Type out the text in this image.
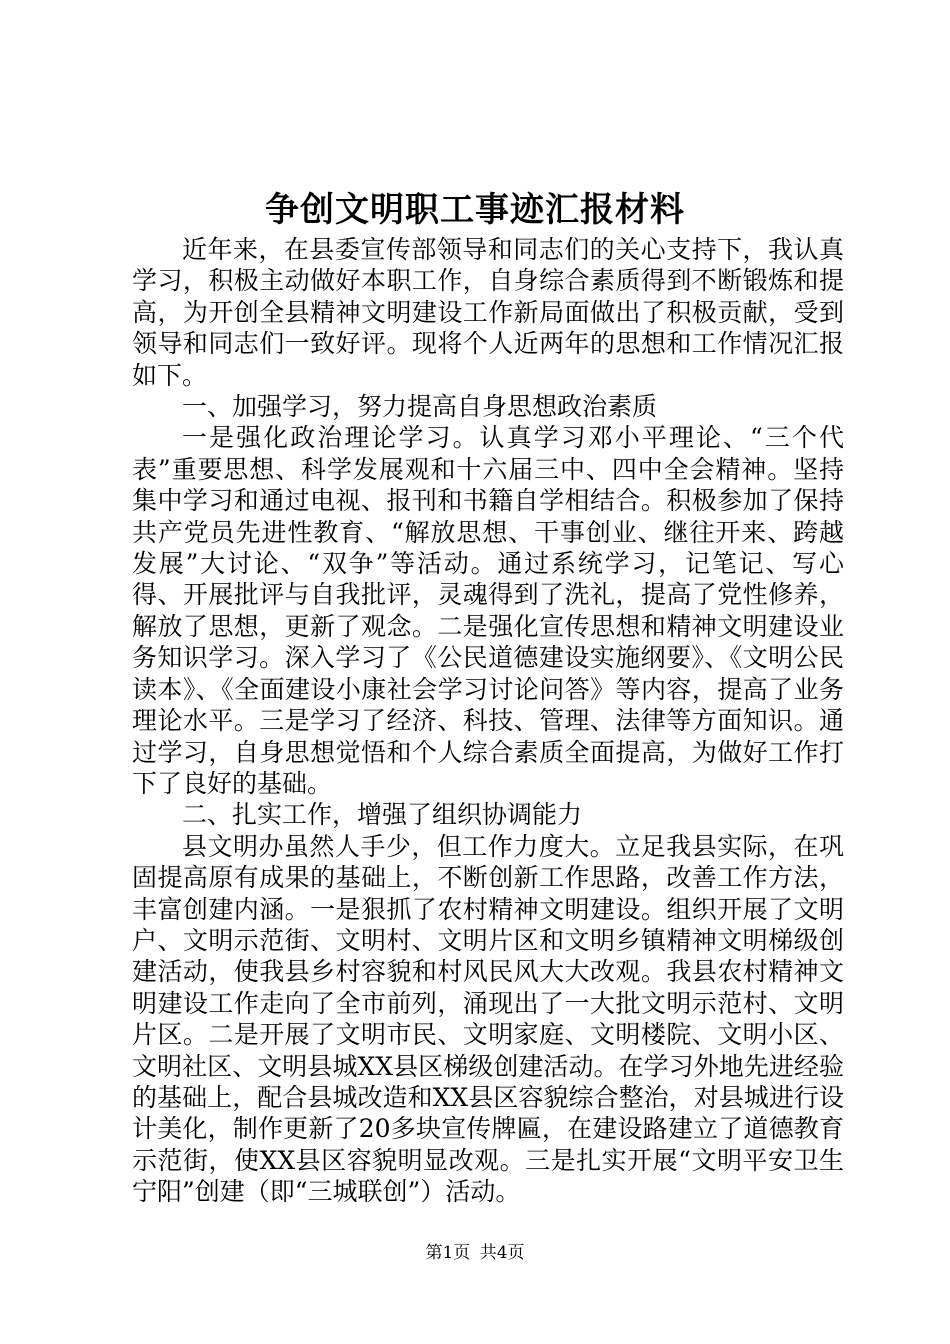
争创文明职工事迹汇报材料

近年来，在县委宣传部领导和同志们的关心支持下，我认真学习，积极主动做好本职工作，自身综合素质得到不断锻炼和提高，为开创全县精神文明建设工作新局面做出了积极贡献，受到领导和同志们一致好评。现将个人近两年的思想和工作情况汇报如下。

一、加强学习，努力提高自身思想政治素质

一是强化政治理论学习。认真学习邓小平理论、“三个代表”重要思想、科学发展观和十六届三中、四中全会精神。坚持集中学习和通过电视、报刊和书籍自学相结合。积极参加了保持共产党员先进性教育、“解放思想、干事创业、继往开来、跨越发展”大讨论、“双争”等活动。通过系统学习，记笔记、写心得、开展批评与自我批评，灵魂得到了洗礼，提高了党性修养，解放了思想，更新了观念。二是强化宣传思想和精神文明建设业务知识学习。深入学习了《公民道德建设实施纲要》、《文明公民读本》、《全面建设小康社会学习讨论问答》等内容，提高了业务理论水平。三是学习了经济、科技、管理、法律等方面知识。通过学习，自身思想觉悟和个人综合素质全面提高，为做好工作打下了良好的基础。

二、扎实工作，增强了组织协调能力

县文明办虽然人手少，但工作力度大。立足我县实际，在巩固提高原有成果的基础上，不断创新工作思路，改善工作方法，丰富创建内涵。一是狠抓了农村精神文明建设。组织开展了文明户、文明示范街、文明村、文明片区和文明乡镇精神文明梯级创建活动，使我县乡村容貌和村风民风大大改观。我县农村精神文明建设工作走向了全市前列，涌现出了一大批文明示范村、文明片区。二是开展了文明市民、文明家庭、文明楼院、文明小区、文明社区、文明县城XX县区梯级创建活动。在学习外地先进经验的基础上，配合县城改造和XX县区容貌综合整治，对县城进行设计美化，制作更新了20多块宣传牌匾，在建设路建立了道德教育示范街，使XX县区容貌明显改观。三是扎实开展“文明平安卫生宁阳”创建（即“三城联创”）活动。

第1页 共4页
